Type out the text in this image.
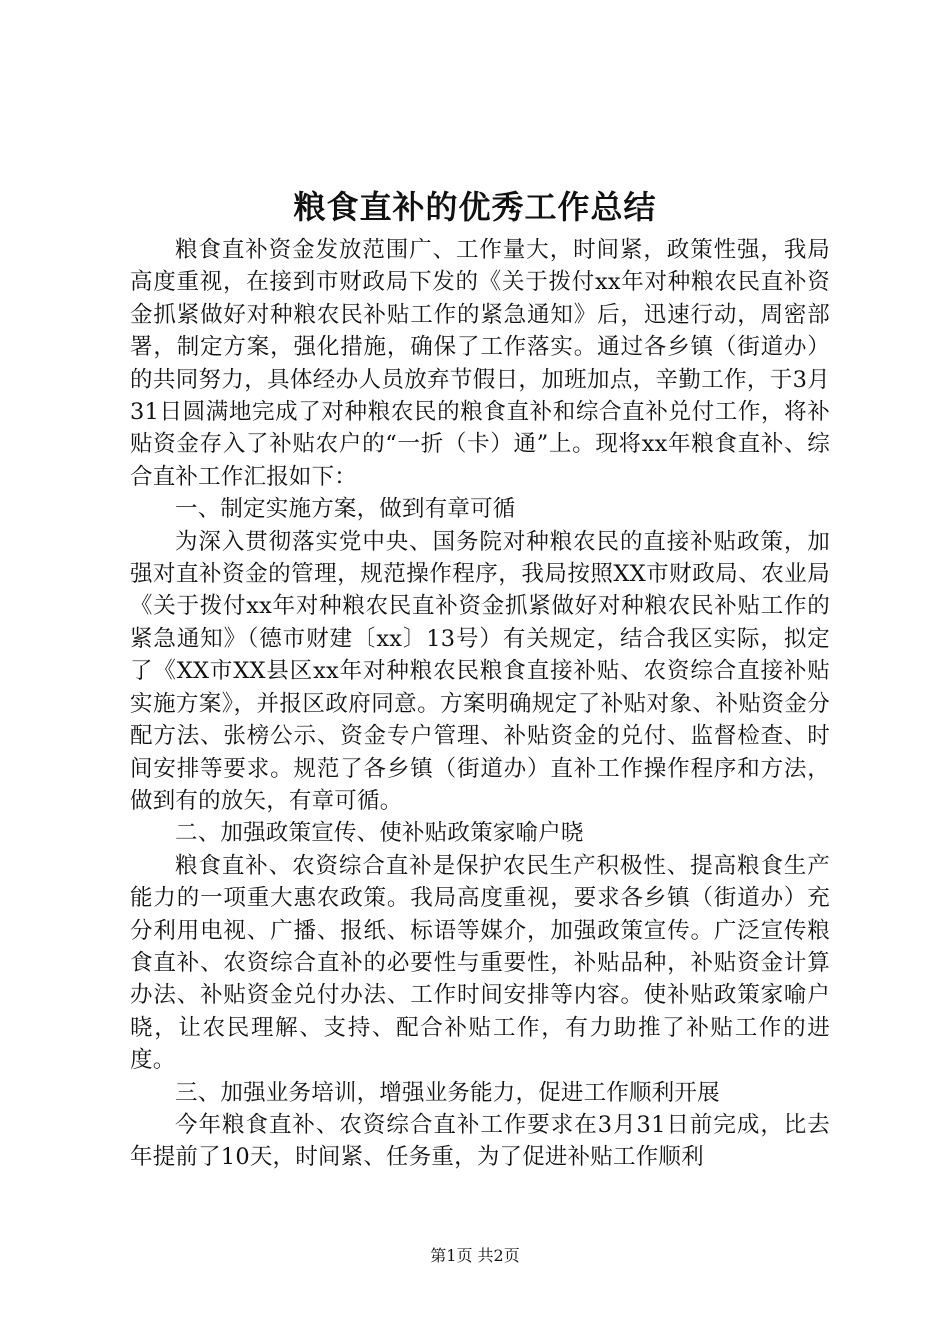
粮食直补的优秀工作总结

粮食直补资金发放范围广、工作量大，时间紧，政策性强，我局高度重视，在接到市财政局下发的《关于拨付xx年对种粮农民直补资金抓紧做好对种粮农民补贴工作的紧急通知》后，迅速行动，周密部署，制定方案，强化措施，确保了工作落实。通过各乡镇（街道办）的共同努力，具体经办人员放弃节假日，加班加点，辛勤工作，于3月31日圆满地完成了对种粮农民的粮食直补和综合直补兑付工作，将补贴资金存入了补贴农户的“一折（卡）通”上。现将xx年粮食直补、综合直补工作汇报如下：

一、制定实施方案，做到有章可循

为深入贯彻落实党中央、国务院对种粮农民的直接补贴政策，加强对直补资金的管理，规范操作程序，我局按照XX市财政局、农业局《关于拨付xx年对种粮农民直补资金抓紧做好对种粮农民补贴工作的紧急通知》（德市财建〔xx〕13号）有关规定，结合我区实际，拟定了《XX市XX县区xx年对种粮农民粮食直接补贴、农资综合直接补贴实施方案》，并报区政府同意。方案明确规定了补贴对象、补贴资金分配方法、张榜公示、资金专户管理、补贴资金的兑付、监督检查、时间安排等要求。规范了各乡镇（街道办）直补工作操作程序和方法，做到有的放矢，有章可循。

二、加强政策宣传、使补贴政策家喻户晓

粮食直补、农资综合直补是保护农民生产积极性、提高粮食生产能力的一项重大惠农政策。我局高度重视，要求各乡镇（街道办）充分利用电视、广播、报纸、标语等媒介，加强政策宣传。广泛宣传粮食直补、农资综合直补的必要性与重要性，补贴品种，补贴资金计算办法、补贴资金兑付办法、工作时间安排等内容。使补贴政策家喻户晓，让农民理解、支持、配合补贴工作，有力助推了补贴工作的进度。

三、加强业务培训，增强业务能力，促进工作顺利开展

今年粮食直补、农资综合直补工作要求在3月31日前完成，比去年提前了10天，时间紧、任务重，为了促进补贴工作顺利

第1页 共2页
